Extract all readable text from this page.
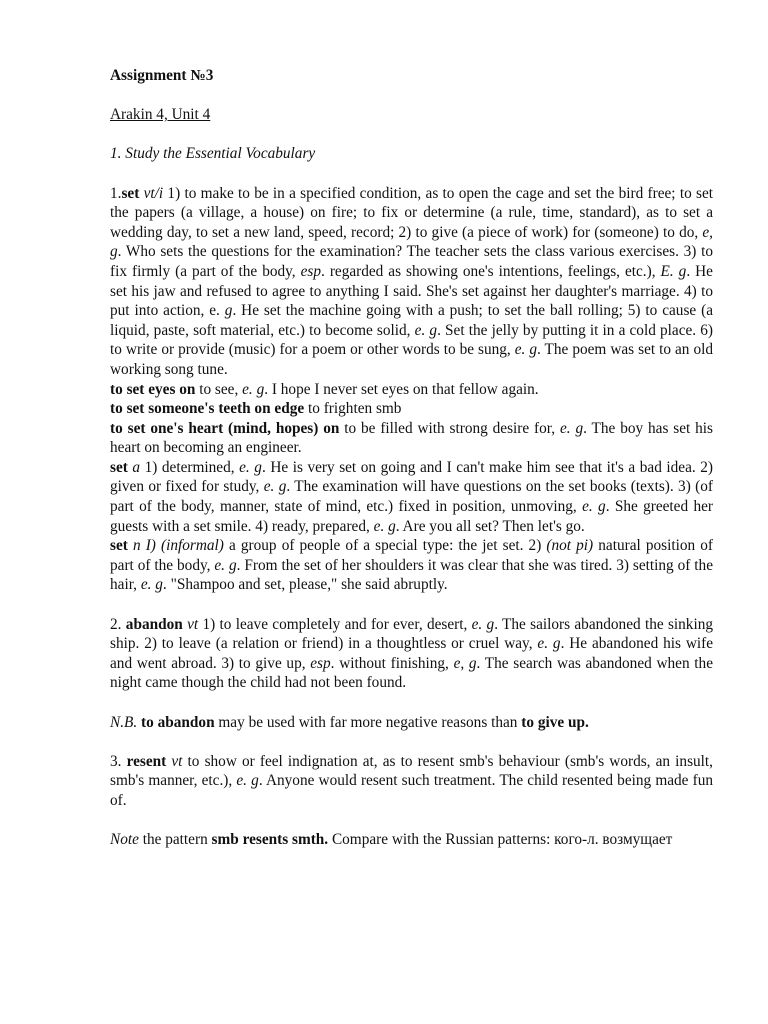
Assignment №3

Arakin 4, Unit 4

1. Study the Essential Vocabulary

1.set vt/i 1) to make to be in a specified condition, as to open the cage and set the bird free; to set the papers (a village, a house) on fire; to fix or determine (a rule, time, standard), as to set a wedding day, to set a new land, speed, record; 2) to give (a piece of work) for (someone) to do, e, g. Who sets the questions for the examination? The teacher sets the class various exercises. 3) to fix firmly (a part of the body, esp. regarded as showing one's intentions, feelings, etc.), E. g. He set his jaw and refused to agree to anything I said. She's set against her daughter's marriage. 4) to put into action, e. g. He set the machine going with a push; to set the ball rolling; 5) to cause (a liquid, paste, soft material, etc.) to become solid, e. g. Set the jelly by putting it in a cold place. 6) to write or provide (music) for a poem or other words to be sung, e. g. The poem was set to an old working song tune.

to set eyes on to see, e. g. I hope I never set eyes on that fellow again.

to set someone's teeth on edge to frighten smb

to set one's heart (mind, hopes) on to be filled with strong desire for, e. g. The boy has set his heart on becoming an engineer.

set a 1) determined, e. g. He is very set on going and I can't make him see that it's a bad idea. 2) given or fixed for study, e. g. The examination will have questions on the set books (texts). 3) (of part of the body, manner, state of mind, etc.) fixed in position, unmoving, e. g. She greeted her guests with a set smile. 4) ready, prepared, e. g. Are you all set? Then let's go.

set n I) (informal) a group of people of a special type: the jet set. 2) (not pi) natural position of part of the body, e. g. From the set of her shoulders it was clear that she was tired. 3) setting of the hair, e. g. "Shampoo and set, please," she said abruptly.

2. abandon vt 1) to leave completely and for ever, desert, e. g. The sailors abandoned the sinking ship. 2) to leave (a relation or friend) in a thoughtless or cruel way, e. g. He abandoned his wife and went abroad. 3) to give up, esp. without finishing, e, g. The search was abandoned when the night came though the child had not been found.

N.B. to abandon may be used with far more negative reasons than to give up.

3. resent vt to show or feel indignation at, as to resent smb's behaviour (smb's words, an insult, smb's manner, etc.), e. g. Anyone would resent such treatment. The child resented being made fun of.

Note the pattern smb resents smth. Compare with the Russian patterns: кого-л. возмущает
